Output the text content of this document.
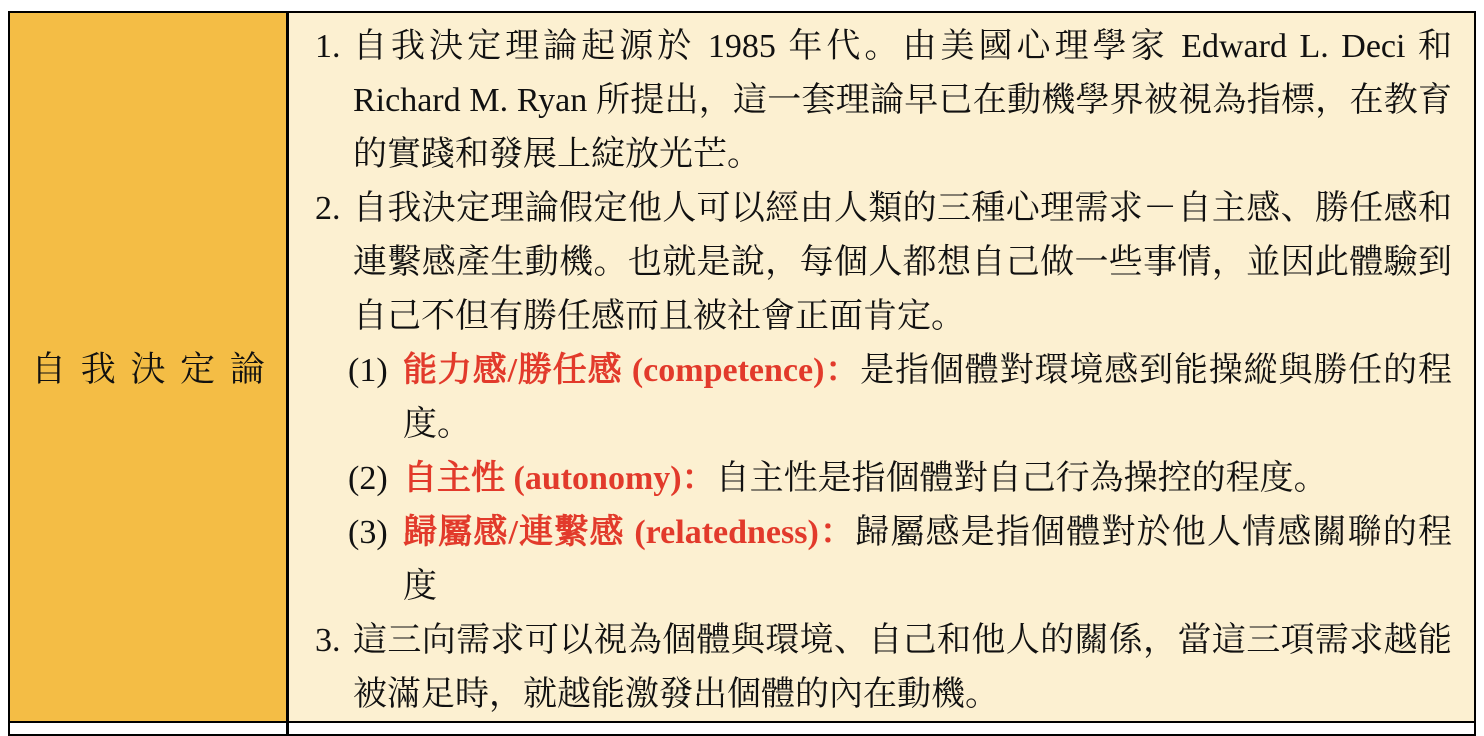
自我決定論
1. 自我決定理論起源於 1985 年代。由美國心理學家 Edward L. Deci 和 Richard M. Ryan 所提出，這一套理論早已在動機學界被視為指標，在教育的實踐和發展上綻放光芒。
2. 自我決定理論假定他人可以經由人類的三種心理需求－自主感、勝任感和連繫感產生動機。也就是說，每個人都想自己做一些事情，並因此體驗到自己不但有勝任感而且被社會正面肯定。
(1) 能力感/勝任感 (competence)：是指個體對環境感到能操縱與勝任的程度。
(2) 自主性 (autonomy)：自主性是指個體對自己行為操控的程度。
(3) 歸屬感/連繫感 (relatedness)：歸屬感是指個體對於他人情感關聯的程度
3. 這三向需求可以視為個體與環境、自己和他人的關係，當這三項需求越能被滿足時，就越能激發出個體的內在動機。
